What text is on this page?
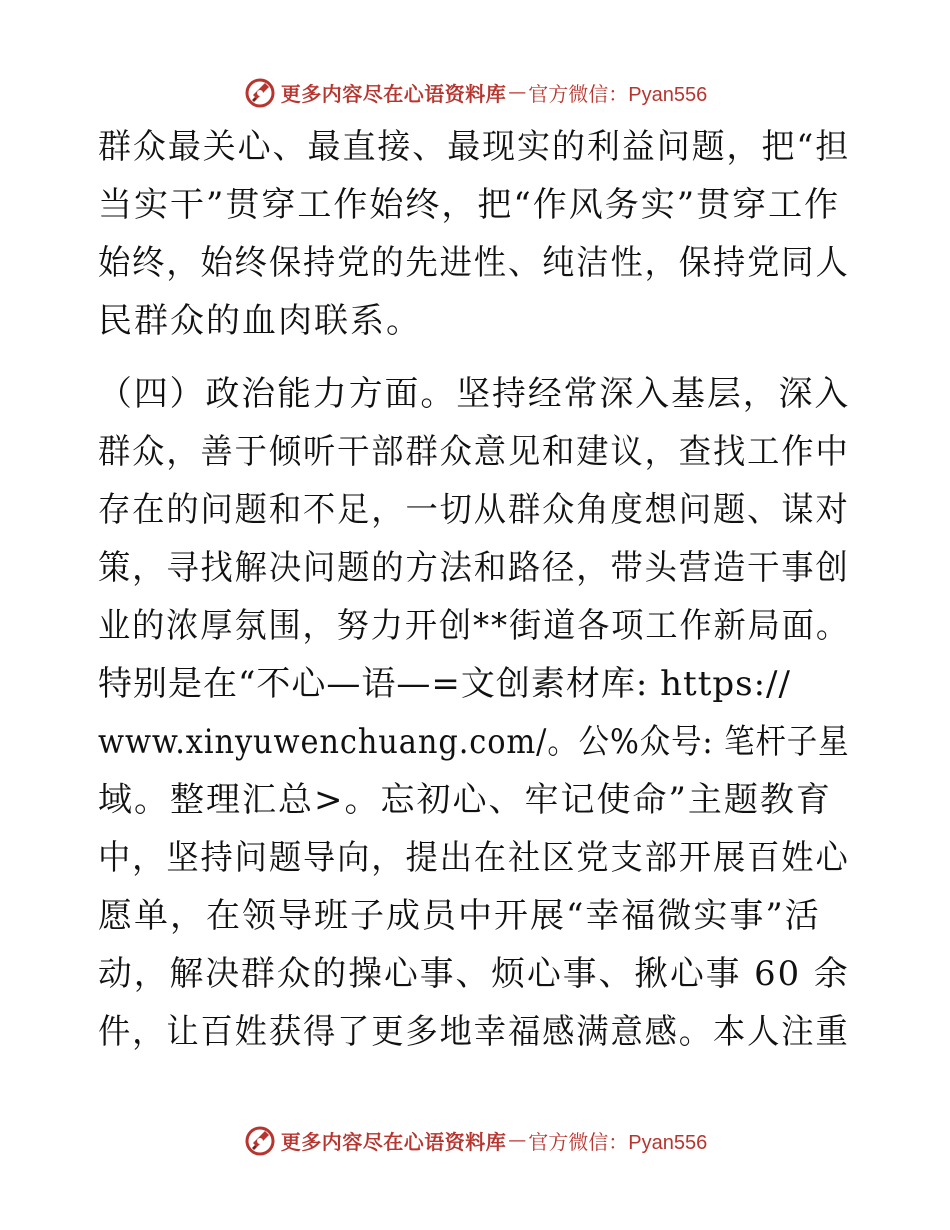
更多内容尽在心语资料库 — 官方微信：Pyan556
群众最关心、最直接、最现实的利益问题，把“担
当实干”贯穿工作始终，把“作风务实”贯穿工作
始终，始终保持党的先进性、纯洁性，保持党同人
民群众的血肉联系。
（四）政治能力方面。坚持经常深入基层，深入
群众，善于倾听干部群众意见和建议，查找工作中
存在的问题和不足，一切从群众角度想问题、谋对
策，寻找解决问题的方法和路径，带头营造干事创
业的浓厚氛围，努力开创**街道各项工作新局面。
特别是在“不心—语—=文创素材库: https://
www.xinyuwenchuang.com/。公%众号: 笔杆子星
域。整理汇总>。忘初心、牢记使命”主题教育
中，坚持问题导向，提出在社区党支部开展百姓心
愿单，在领导班子成员中开展“幸福微实事”活
动，解决群众的操心事、烦心事、揪心事 60 余
件，让百姓获得了更多地幸福感满意感。本人注重
更多内容尽在心语资料库 — 官方微信：Pyan556
